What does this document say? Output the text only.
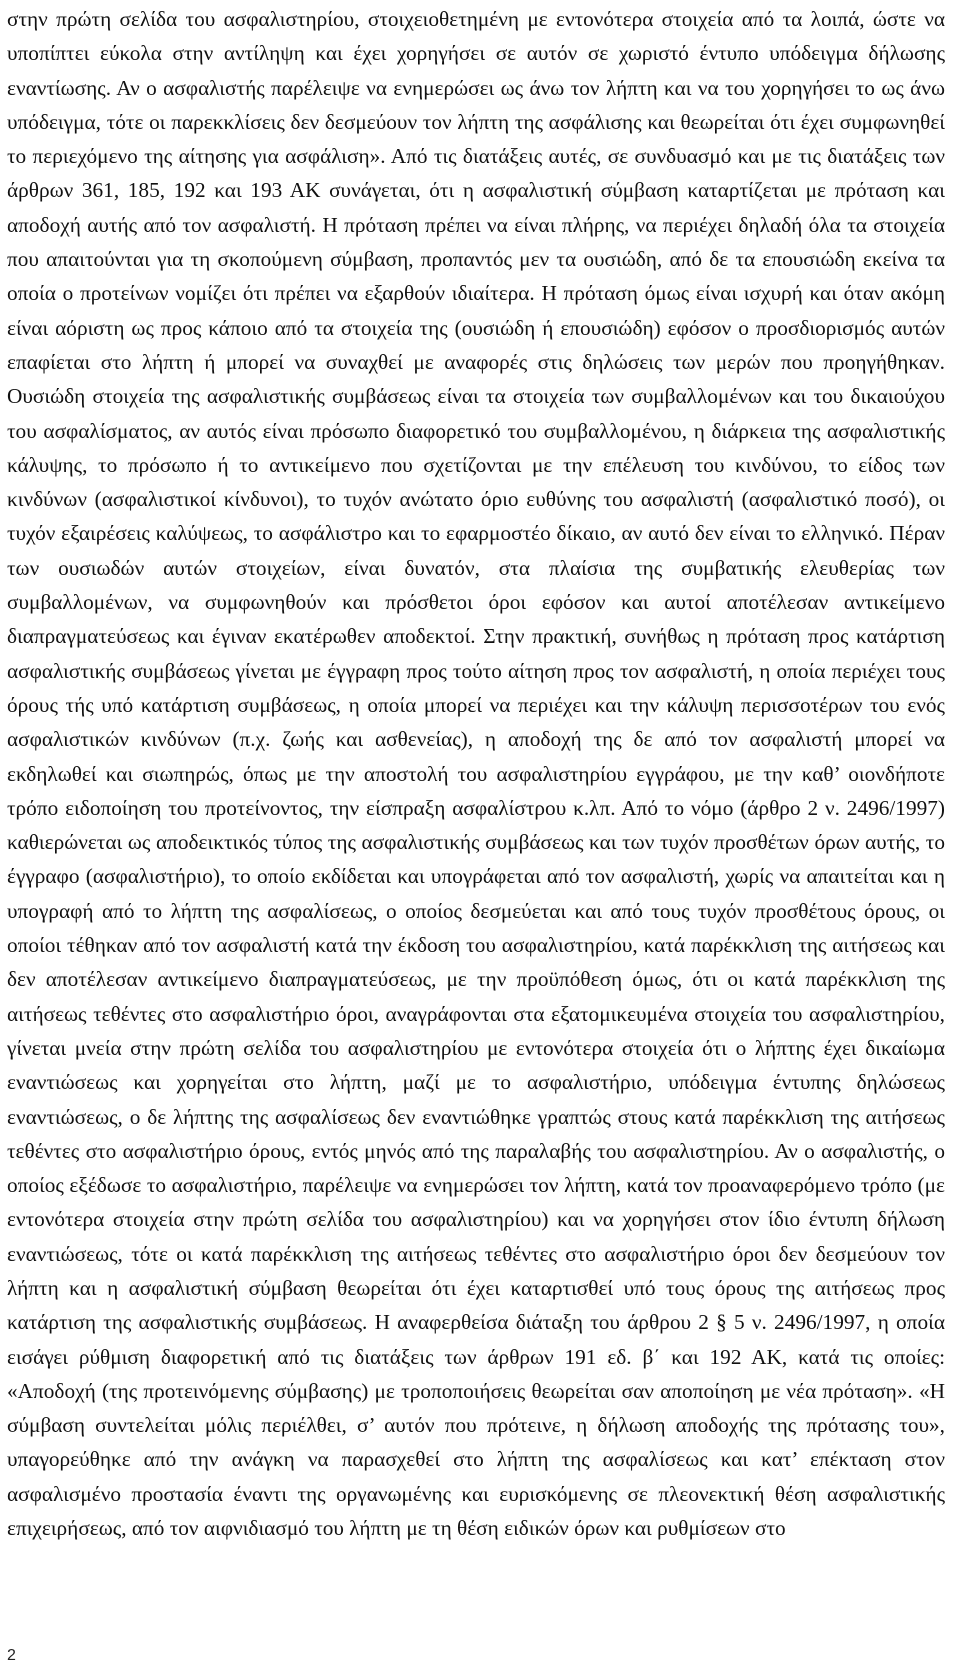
στην πρώτη σελίδα του ασφαλιστηρίου, στοιχειοθετημένη με εντονότερα στοιχεία από τα λοιπά, ώστε να υποπίπτει εύκολα στην αντίληψη και έχει χορηγήσει σε αυτόν σε χωριστό έντυπο υπόδειγμα δήλωσης εναντίωσης. Αν ο ασφαλιστής παρέλειψε να ενημερώσει ως άνω τον λήπτη και να του χορηγήσει το ως άνω υπόδειγμα, τότε οι παρεκκλίσεις δεν δεσμεύουν τον λήπτη της ασφάλισης και θεωρείται ότι έχει συμφωνηθεί το περιεχόμενο της αίτησης για ασφάλιση». Από τις διατάξεις αυτές, σε συνδυασμό και με τις διατάξεις των άρθρων 361, 185, 192 και 193 ΑΚ συνάγεται, ότι η ασφαλιστική σύμβαση καταρτίζεται με πρόταση και αποδοχή αυτής από τον ασφαλιστή. Η πρόταση πρέπει να είναι πλήρης, να περιέχει δηλαδή όλα τα στοιχεία που απαιτούνται για τη σκοπούμενη σύμβαση, προπαντός μεν τα ουσιώδη, από δε τα επουσιώδη εκείνα τα οποία ο προτείνων νομίζει ότι πρέπει να εξαρθούν ιδιαίτερα. Η πρόταση όμως είναι ισχυρή και όταν ακόμη είναι αόριστη ως προς κάποιο από τα στοιχεία της (ουσιώδη ή επουσιώδη) εφόσον ο προσδιορισμός αυτών επαφίεται στο λήπτη ή μπορεί να συναχθεί με αναφορές στις δηλώσεις των μερών που προηγήθηκαν. Ουσιώδη στοιχεία της ασφαλιστικής συμβάσεως είναι τα στοιχεία των συμβαλλομένων και του δικαιούχου του ασφαλίσματος, αν αυτός είναι πρόσωπο διαφορετικό του συμβαλλομένου, η διάρκεια της ασφαλιστικής κάλυψης, το πρόσωπο ή το αντικείμενο που σχετίζονται με την επέλευση του κινδύνου, το είδος των κινδύνων (ασφαλιστικοί κίνδυνοι), το τυχόν ανώτατο όριο ευθύνης του ασφαλιστή (ασφαλιστικό ποσό), οι τυχόν εξαιρέσεις καλύψεως, το ασφάλιστρο και το εφαρμοστέο δίκαιο, αν αυτό δεν είναι το ελληνικό. Πέραν των ουσιωδών αυτών στοιχείων, είναι δυνατόν, στα πλαίσια της συμβατικής ελευθερίας των συμβαλλομένων, να συμφωνηθούν και πρόσθετοι όροι εφόσον και αυτοί αποτέλεσαν αντικείμενο διαπραγματεύσεως και έγιναν εκατέρωθεν αποδεκτοί. Στην πρακτική, συνήθως η πρόταση προς κατάρτιση ασφαλιστικής συμβάσεως γίνεται με έγγραφη προς τούτο αίτηση προς τον ασφαλιστή, η οποία περιέχει τους όρους τής υπό κατάρτιση συμβάσεως, η οποία μπορεί να περιέχει και την κάλυψη περισσοτέρων του ενός ασφαλιστικών κινδύνων (π.χ. ζωής και ασθενείας), η αποδοχή της δε από τον ασφαλιστή μπορεί να εκδηλωθεί και σιωπηρώς, όπως με την αποστολή του ασφαλιστηρίου εγγράφου, με την καθ’ οιονδήποτε τρόπο ειδοποίηση του προτείνοντος, την είσπραξη ασφαλίστρου κ.λπ. Από το νόμο (άρθρο 2 ν. 2496/1997) καθιερώνεται ως αποδεικτικός τύπος της ασφαλιστικής συμβάσεως και των τυχόν προσθέτων όρων αυτής, το έγγραφο (ασφαλιστήριο), το οποίο εκδίδεται και υπογράφεται από τον ασφαλιστή, χωρίς να απαιτείται και η υπογραφή από το λήπτη της ασφαλίσεως, ο οποίος δεσμεύεται και από τους τυχόν προσθέτους όρους, οι οποίοι τέθηκαν από τον ασφαλιστή κατά την έκδοση του ασφαλιστηρίου, κατά παρέκκλιση της αιτήσεως και δεν αποτέλεσαν αντικείμενο διαπραγματεύσεως, με την προϋπόθεση όμως, ότι οι κατά παρέκκλιση της αιτήσεως τεθέντες στο ασφαλιστήριο όροι, αναγράφονται στα εξατομικευμένα στοιχεία του ασφαλιστηρίου, γίνεται μνεία στην πρώτη σελίδα του ασφαλιστηρίου με εντονότερα στοιχεία ότι ο λήπτης έχει δικαίωμα εναντιώσεως και χορηγείται στο λήπτη, μαζί με το ασφαλιστήριο, υπόδειγμα έντυπης δηλώσεως εναντιώσεως, ο δε λήπτης της ασφαλίσεως δεν εναντιώθηκε γραπτώς στους κατά παρέκκλιση της αιτήσεως τεθέντες στο ασφαλιστήριο όρους, εντός μηνός από της παραλαβής του ασφαλιστηρίου. Αν ο ασφαλιστής, ο οποίος εξέδωσε το ασφαλιστήριο, παρέλειψε να ενημερώσει τον λήπτη, κατά τον προαναφερόμενο τρόπο (με εντονότερα στοιχεία στην πρώτη σελίδα του ασφαλιστηρίου) και να χορηγήσει στον ίδιο έντυπη δήλωση εναντιώσεως, τότε οι κατά παρέκκλιση της αιτήσεως τεθέντες στο ασφαλιστήριο όροι δεν δεσμεύουν τον λήπτη και η ασφαλιστική σύμβαση θεωρείται ότι έχει καταρτισθεί υπό τους όρους της αιτήσεως προς κατάρτιση της ασφαλιστικής συμβάσεως. Η αναφερθείσα διάταξη του άρθρου 2 § 5 ν. 2496/1997, η οποία εισάγει ρύθμιση διαφορετική από τις διατάξεις των άρθρων 191 εδ. β΄ και 192 ΑΚ, κατά τις οποίες: «Αποδοχή (της προτεινόμενης σύμβασης) με τροποποιήσεις θεωρείται σαν αποποίηση με νέα πρόταση». «Η σύμβαση συντελείται μόλις περιέλθει, σ’ αυτόν που πρότεινε, η δήλωση αποδοχής της πρότασης του», υπαγορεύθηκε από την ανάγκη να παρασχεθεί στο λήπτη της ασφαλίσεως και κατ’ επέκταση στον ασφαλισμένο προστασία έναντι της οργανωμένης και ευρισκόμενης σε πλεονεκτική θέση ασφαλιστικής επιχειρήσεως, από τον αιφνιδιασμό του λήπτη με τη θέση ειδικών όρων και ρυθμίσεων στο

2
